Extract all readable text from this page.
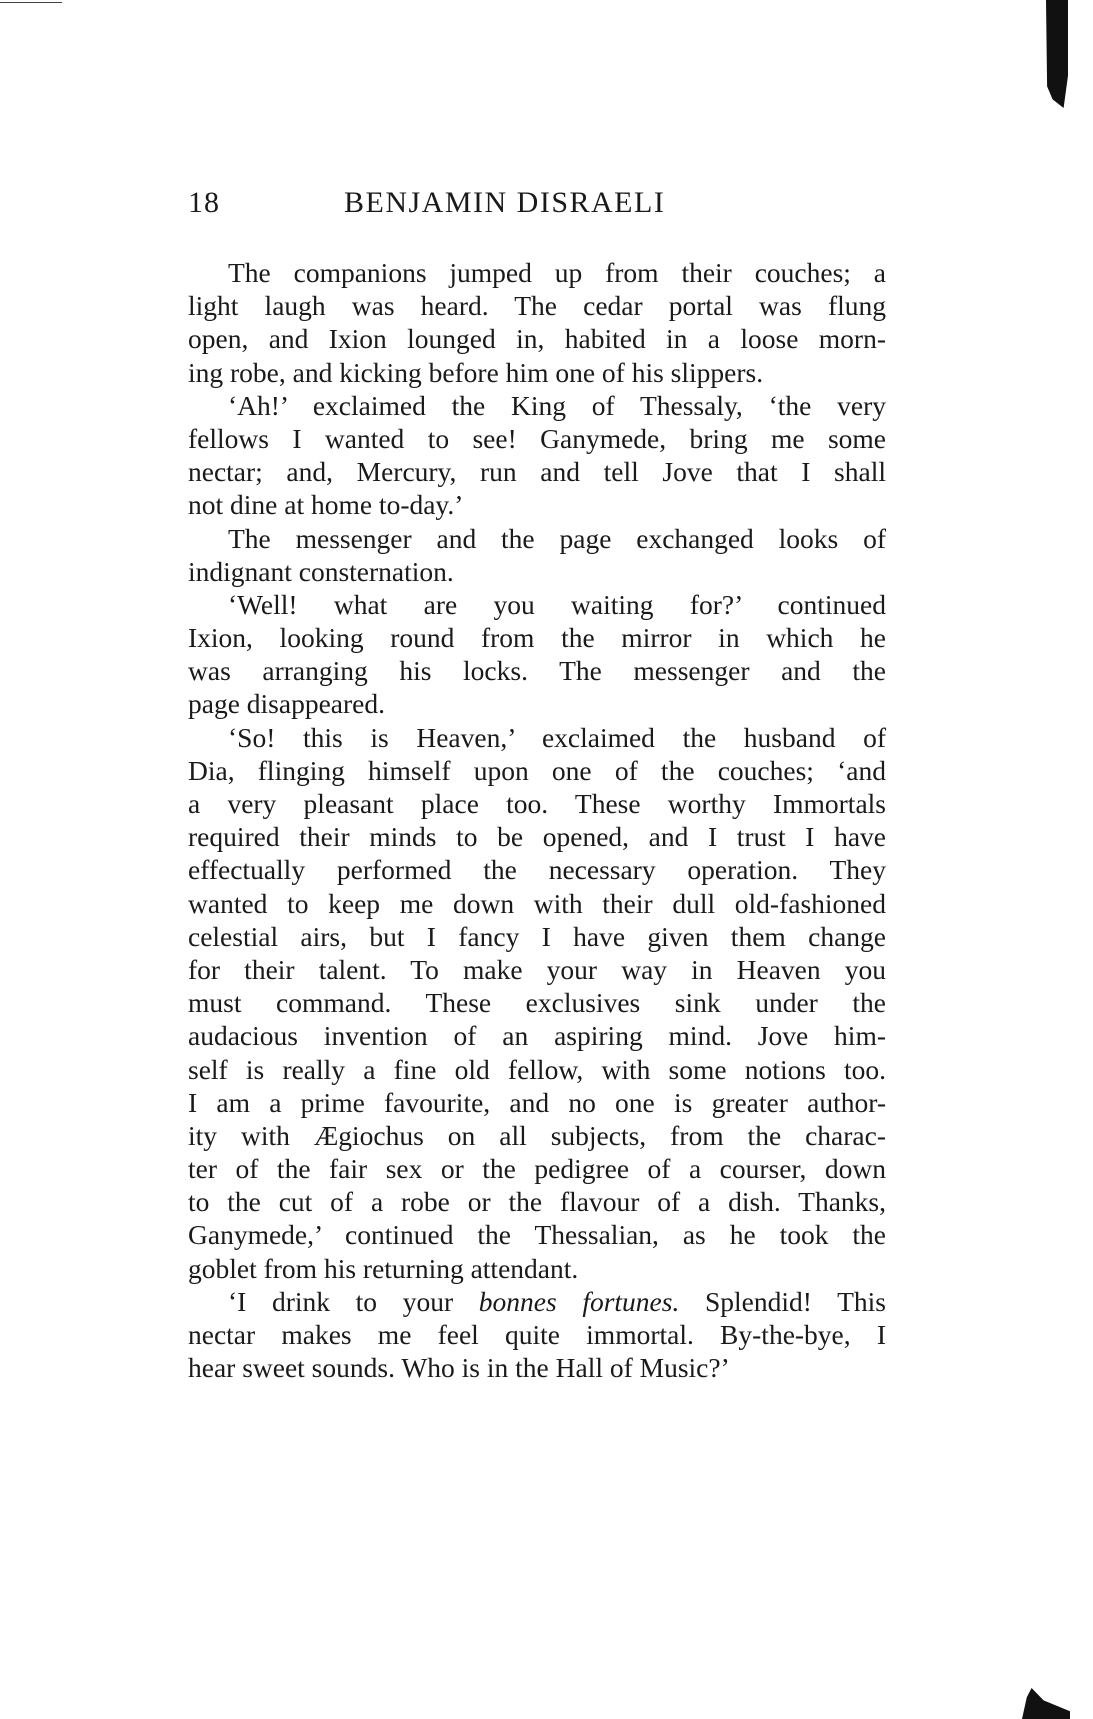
18	BENJAMIN DISRAELI
The companions jumped up from their couches; a
light laugh was heard. The cedar portal was flung
open, and Ixion lounged in, habited in a loose morn-
ing robe, and kicking before him one of his slippers.
‘Ah!’ exclaimed the King of Thessaly, ‘the very
fellows I wanted to see! Ganymede, bring me some
nectar; and, Mercury, run and tell Jove that I shall
not dine at home to-day.’
The messenger and the page exchanged looks of
indignant consternation.
‘Well! what are you waiting for?’ continued
Ixion, looking round from the mirror in which he
was arranging his locks. The messenger and the
page disappeared.
‘So! this is Heaven,’ exclaimed the husband of
Dia, flinging himself upon one of the couches; ‘and
a very pleasant place too. These worthy Immortals
required their minds to be opened, and I trust I have
effectually performed the necessary operation. They
wanted to keep me down with their dull old-fashioned
celestial airs, but I fancy I have given them change
for their talent. To make your way in Heaven you
must command. These exclusives sink under the
audacious invention of an aspiring mind. Jove him-
self is really a fine old fellow, with some notions too.
I am a prime favourite, and no one is greater author-
ity with Ægiochus on all subjects, from the charac-
ter of the fair sex or the pedigree of a courser, down
to the cut of a robe or the flavour of a dish. Thanks,
Ganymede,’ continued the Thessalian, as he took the
goblet from his returning attendant.
‘I drink to your bonnes fortunes. Splendid! This
nectar makes me feel quite immortal. By-the-bye, I
hear sweet sounds. Who is in the Hall of Music?’
